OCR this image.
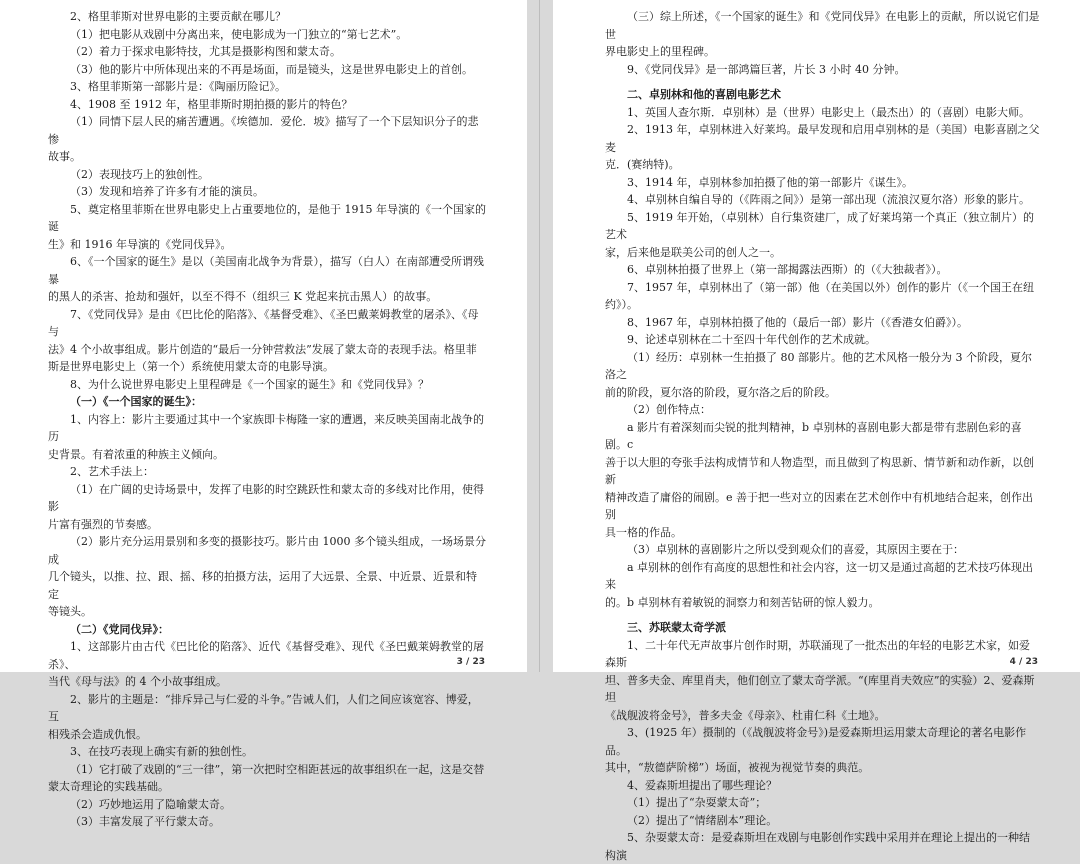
2、格里菲斯对世界电影的主要贡献在哪儿？

（1）把电影从戏剧中分离出来，使电影成为一门独立的“第七艺术”。

（2）着力于探求电影特技，尤其是摄影构图和蒙太奇。

（3）他的影片中所体现出来的不再是场面，而是镜头，这是世界电影史上的首创。

3、格里菲斯第一部影片是：《陶丽历险记》。

4、1908 至 1912 年，格里菲斯时期拍摄的影片的特色？

（1）同情下层人民的痛苦遭遇。《埃德加．爱伦．坡》描写了一个下层知识分子的悲惨

故事。

（2）表现技巧上的独创性。

（3）发现和培养了许多有才能的演员。

5、奠定格里菲斯在世界电影史上占重要地位的，是他于 1915 年导演的《一个国家的诞

生》和 1916 年导演的《党同伐异》。

6、《一个国家的诞生》是以（美国南北战争为背景），描写（白人）在南部遭受所谓残暴

的黑人的杀害、抢劫和强奸，以至不得不（组织三 K 党起来抗击黑人）的故事。

7、《党同伐异》是由《巴比伦的陷落》、《基督受难》、《圣巴戴莱姆教堂的屠杀》、《母与

法》4 个小故事组成。影片创造的“最后一分钟营救法”发展了蒙太奇的表现手法。格里菲

斯是世界电影史上（第一个）系统使用蒙太奇的电影导演。

8、为什么说世界电影史上里程碑是《一个国家的诞生》和《党同伐异》？

（一）《一个国家的诞生》：

1、内容上：影片主要通过其中一个家族即卡梅隆一家的遭遇，来反映美国南北战争的历

史背景。有着浓重的种族主义倾向。

2、艺术手法上：

（1）在广阔的史诗场景中，发挥了电影的时空跳跃性和蒙太奇的多线对比作用，使得影

片富有强烈的节奏感。

（2）影片充分运用景别和多变的摄影技巧。影片由 1000 多个镜头组成，一场场景分成

几个镜头，以推、拉、跟、摇、移的拍摄方法，运用了大远景、全景、中近景、近景和特定

等镜头。

（二）《党同伐异》：

1、这部影片由古代《巴比伦的陷落》、近代《基督受难》、现代《圣巴戴莱姆教堂的屠杀》、

当代《母与法》的 4 个小故事组成。

2、影片的主题是：“排斥异己与仁爱的斗争。”告诫人们，人们之间应该宽容、博爱，互

相残杀会造成仇恨。

3、在技巧表现上确实有新的独创性。

（1）它打破了戏剧的“三一律”，第一次把时空相距甚远的故事组织在一起，这是交替

蒙太奇理论的实践基础。

（2）巧妙地运用了隐喻蒙太奇。

（3）丰富发展了平行蒙太奇。

3 / 23

（三）综上所述，《一个国家的诞生》和《党同伐异》在电影上的贡献，所以说它们是世

界电影史上的里程碑。

9、《党同伐异》是一部鸿篇巨著，片长 3 小时 40 分钟。

二、卓别林和他的喜剧电影艺术

1、英国人查尔斯．卓别林）是（世界）电影史上（最杰出）的（喜剧）电影大师。

2、1913 年，卓别林进入好莱坞。最早发现和启用卓别林的是（美国）电影喜剧之父麦

克．(赛纳特)。

3、1914 年，卓别林参加拍摄了他的第一部影片《谋生》。

4、卓别林自编自导的（《阵雨之间》）是第一部出现（流浪汉夏尔洛）形象的影片。

5、1919 年开始，（卓别林）自行集资建厂，成了好莱坞第一个真正（独立制片）的艺术

家，后来他是联美公司的创人之一。

6、卓别林拍摄了世界上（第一部揭露法西斯）的（《大独裁者》）。

7、1957 年，卓别林出了（第一部）他（在美国以外）创作的影片（《一个国王在纽约》）。

8、1967 年，卓别林拍摄了他的（最后一部）影片（《香港女伯爵》）。

9、论述卓别林在二十至四十年代创作的艺术成就。

（1）经历：卓别林一生拍摄了 80 部影片。他的艺术风格一般分为 3 个阶段，夏尔洛之

前的阶段，夏尔洛的阶段，夏尔洛之后的阶段。

（2）创作特点：

a 影片有着深刻而尖锐的批判精神，b 卓别林的喜剧电影大都是带有悲剧色彩的喜剧。c

善于以大胆的夸张手法构成情节和人物造型，而且做到了构思新、情节新和动作新，以创新

精神改造了庸俗的闹剧。e 善于把一些对立的因素在艺术创作中有机地结合起来，创作出别

具一格的作品。

（3）卓别林的喜剧影片之所以受到观众们的喜爱，其原因主要在于：

a 卓别林的创作有高度的思想性和社会内容，这一切又是通过高超的艺术技巧体现出来

的。b 卓别林有着敏锐的洞察力和刻苦钻研的惊人毅力。

三、苏联蒙太奇学派

1、二十年代无声故事片创作时期，苏联涌现了一批杰出的年轻的电影艺术家，如爱森斯

坦、普多夫金、库里肖夫，他们创立了蒙太奇学派。“(库里肖夫效应”的实验）2、爱森斯坦

《战舰波将金号》，普多夫金《母亲》、杜甫仁科《土地》。

3、(1925 年）摄制的（《战舰波将金号》)是爱森斯坦运用蒙太奇理论的著名电影作品。

其中，“敖德萨阶梯”）场面，被视为视觉节奏的典范。

4、爱森斯坦提出了哪些理论？

（1）提出了“杂耍蒙太奇”；

（2）提出了“情绪剧本”理论。

5、杂耍蒙太奇：是爱森斯坦在戏剧与电影创作实践中采用并在理论上提出的一种结构演

4 / 23
